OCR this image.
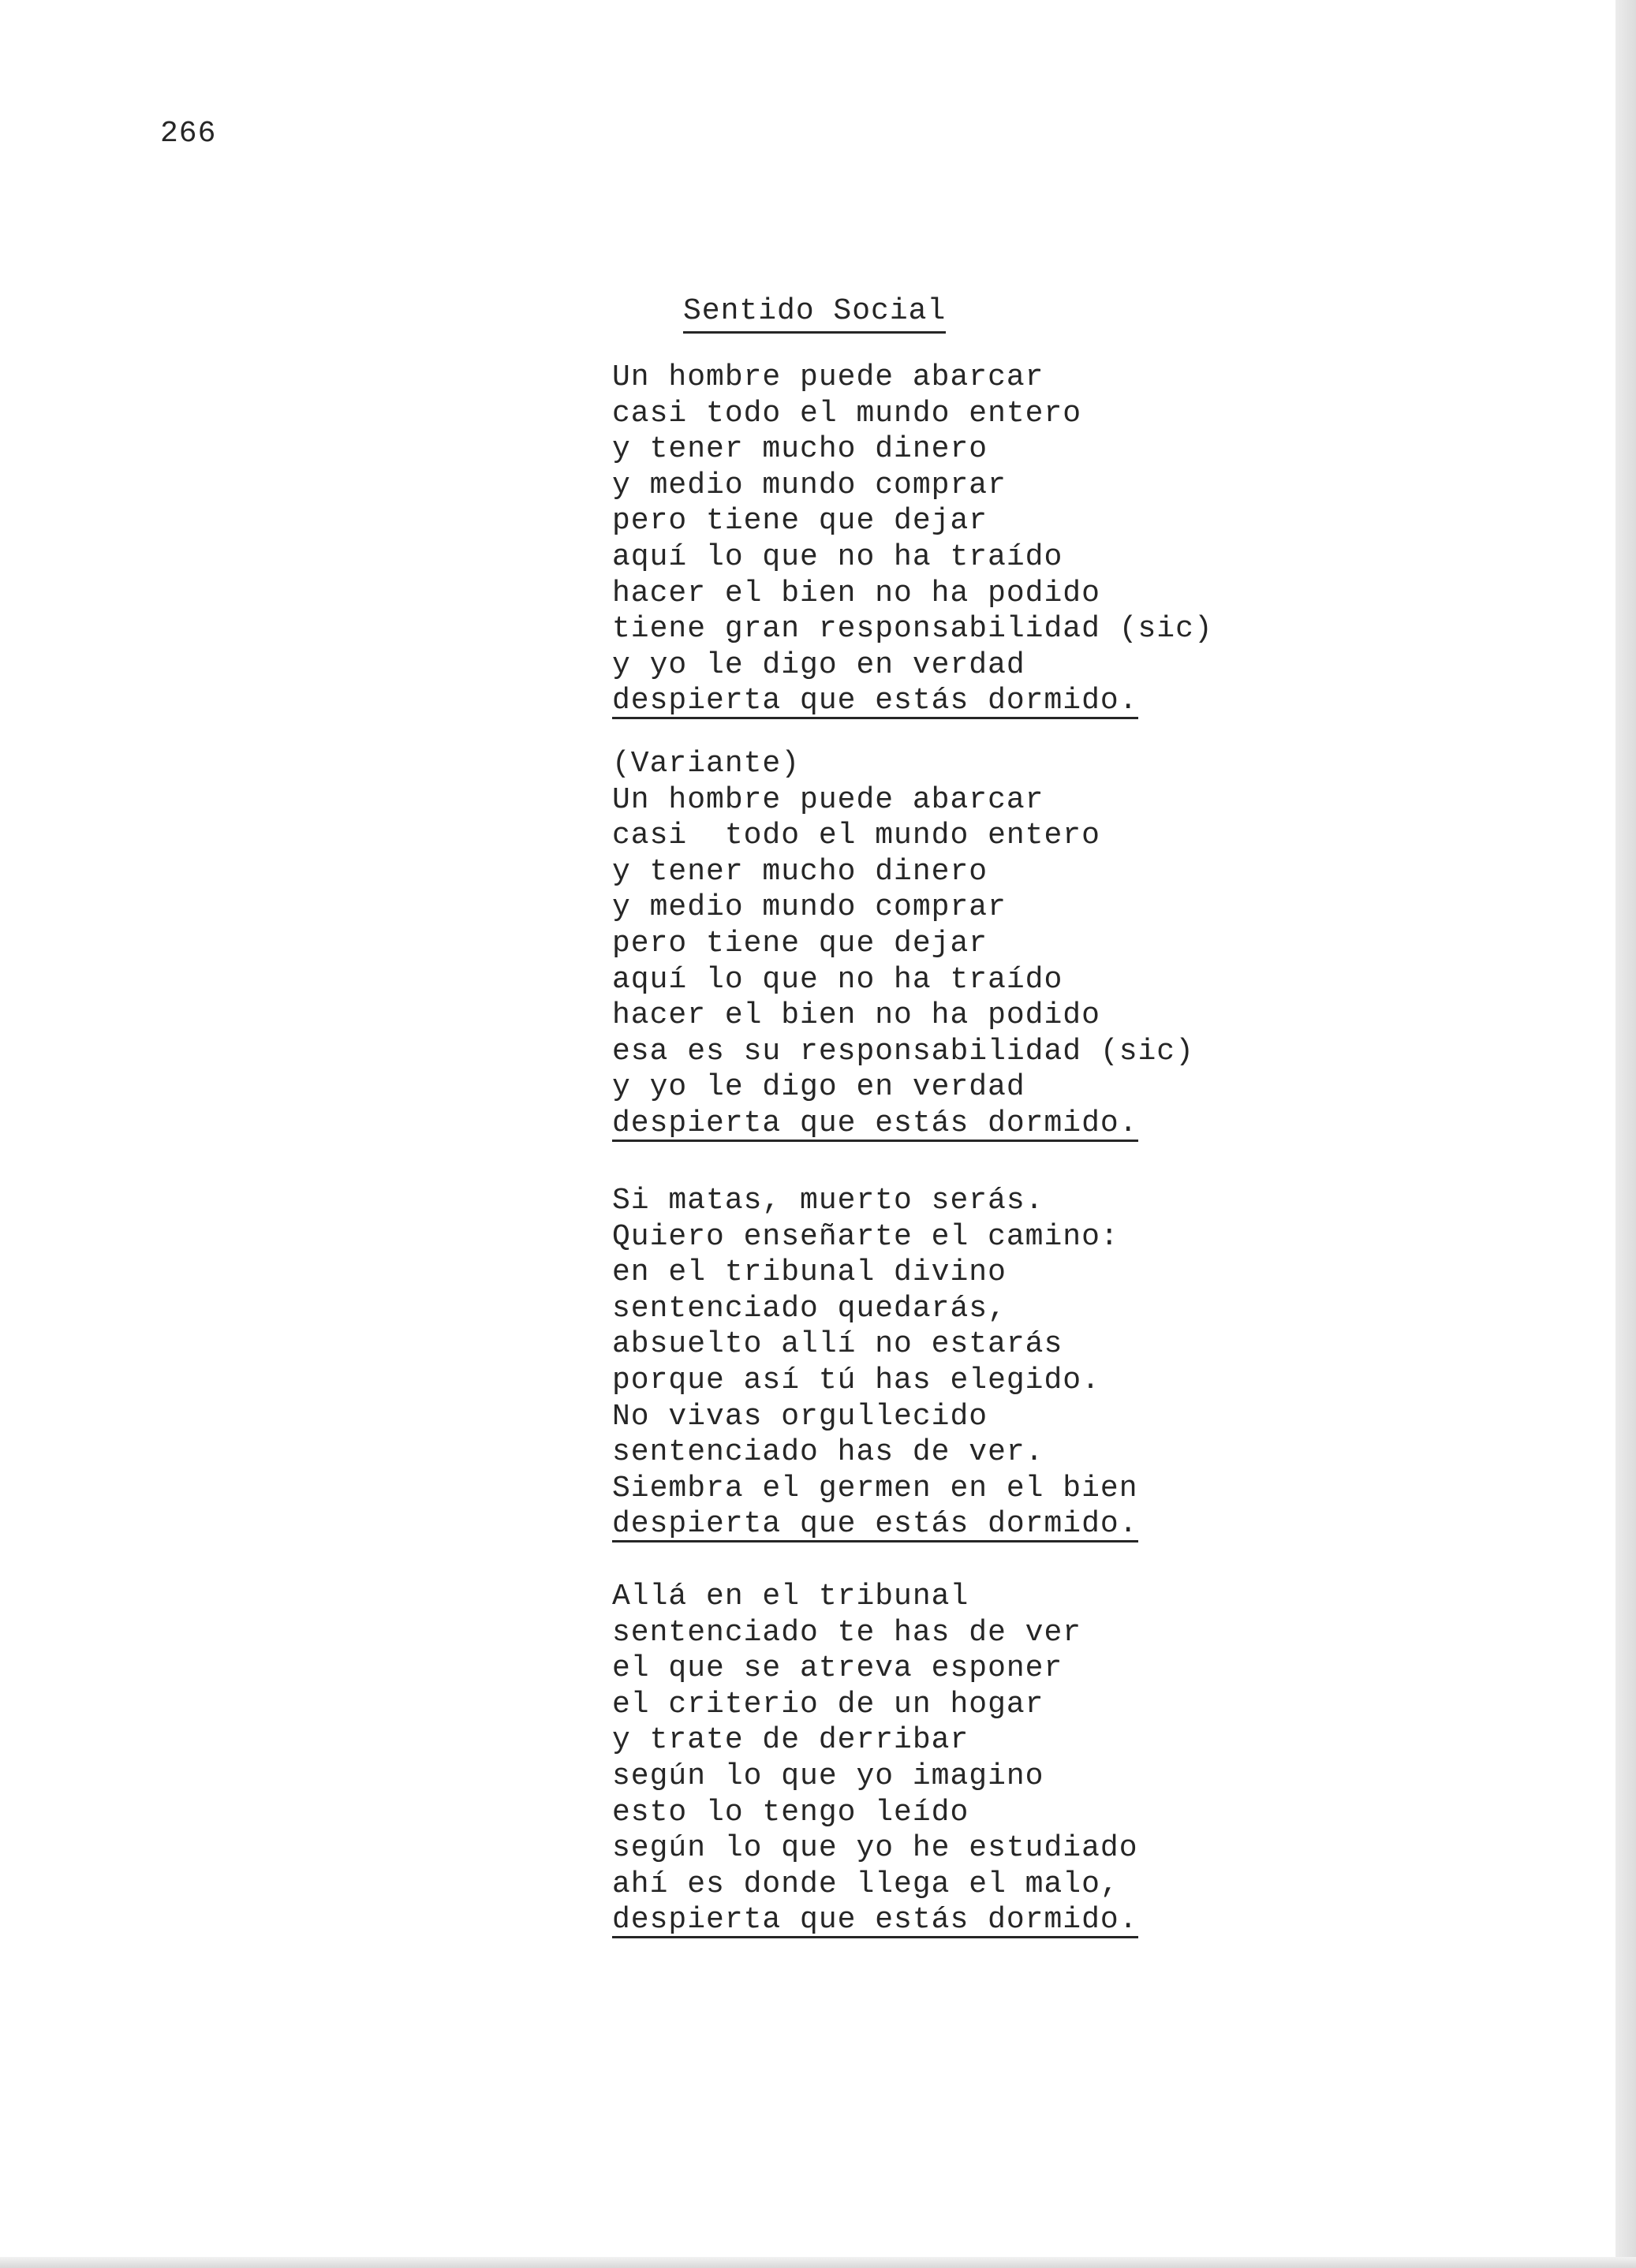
266
Sentido Social
Un hombre puede abarcar
casi todo el mundo entero
y tener mucho dinero
y medio mundo comprar
pero tiene que dejar
aquí lo que no ha traído
hacer el bien no ha podido
tiene gran responsabilidad (sic)
y yo le digo en verdad
despierta que estás dormido.
(Variante)
Un hombre puede abarcar
casi  todo el mundo entero
y tener mucho dinero
y medio mundo comprar
pero tiene que dejar
aquí lo que no ha traído
hacer el bien no ha podido
esa es su responsabilidad (sic)
y yo le digo en verdad
despierta que estás dormido.
Si matas, muerto serás.
Quiero enseñarte el camino:
en el tribunal divino
sentenciado quedarás,
absuelto allí no estarás
porque así tú has elegido.
No vivas orgullecido
sentenciado has de ver.
Siembra el germen en el bien
despierta que estás dormido.
Allá en el tribunal
sentenciado te has de ver
el que se atreva esponer
el criterio de un hogar
y trate de derribar
según lo que yo imagino
esto lo tengo leído
según lo que yo he estudiado
ahí es donde llega el malo,
despierta que estás dormido.
